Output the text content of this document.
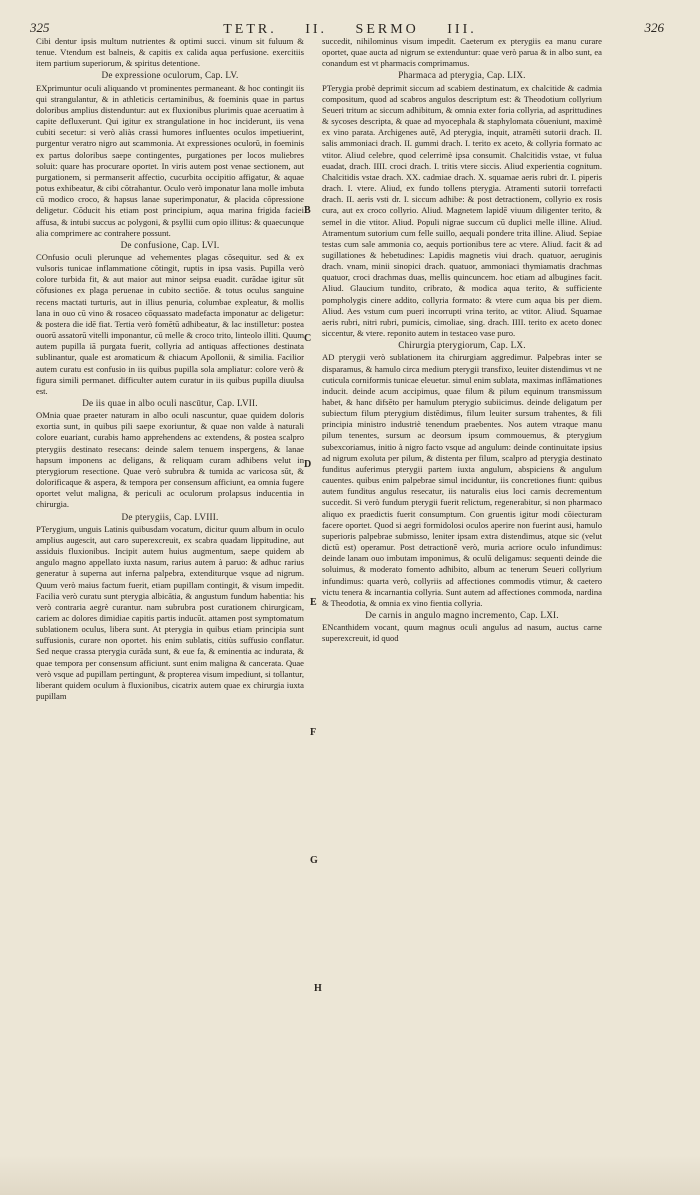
325	TETR. II. SERMO III.	326

Cibi dentur ipsis multum nutrientes & optimi succi. vinum sit fuluum & tenue. Vtendum est balneis, & capitis ex calida aqua perfusione. exercitiis item partium superiorum, & spiritus detentione.

De expressione oculorum, Cap. LV.

EXprimuntur oculi aliquando vt prominentes permaneant. & hoc contingit iis qui strangulantur, & in athleticis certaminibus, & foeminis quae in partus doloribus amplius distenduntur: aut ex fluxionibus plurimis quae aceruatim à capite defluxerunt. Qui igitur ex strangulatione in hoc inciderunt, iis vena cubiti secetur: si verò aliàs crassi humores influentes oculos impetiuerint, purgentur veratro nigro aut scammonia. At expressiones oculorū, in foeminis ex partus doloribus saepe contingentes, purgationes per locos muliebres soluit: quare has procurare oportet. In viris autem post venae sectionem, aut purgationem, si permanserit affectio, cucurbita occipitio affigatur, & aquae potus exhibeatur, & cibi cōtrahantur. Oculo verò imponatur lana molle imbuta cū modico croco, & hapsus lanae superimponatur, & placida cōpressione deligetur. Cōducit his etiam post principium, aqua marina frigida faciei affusa, & intubi succus ac polygoni, & psyllii cum opio illitus: & quaecunque alia comprimere ac contrahere possunt.

De confusione, Cap. LVI.

COnfusio oculi plerunque ad vehementes plagas cōsequitur. sed & ex vulsoris tunicae inflammatione cōtingit, ruptis in ipsa vasis. Pupilla verò colore turbida fit, & aut maior aut minor seipsa euadit. curādae igitur sūt cōfusiones ex plaga peruenae in cubito sectiōe. & totus oculus sanguine recens mactati turturis, aut in illius penuria, columbae expleatur, & mollis lana in ouo cū vino & rosaceo cōquassato madefacta imponatur ac deligetur: & postera die idē fiat. Tertia verò fomētū adhibeatur, & lac instilletur: postea ouorū assatorū vitelli imponantur, cū melle & croco trito, linteolo illiti. Quum autem pupilla iā purgata fuerit, collyria ad antiquas affectiones destinata sublinantur, quale est aromaticum & chiacum Apollonii, & similia. Facilior autem curatu est confusio in iis quibus pupilla sola ampliatur: colore verò & figura simili permanet. difficulter autem curatur in iis quibus pupilla diuulsa est.

De iis quae in albo oculi nascūtur, Cap. LVII.

OMnia quae praeter naturam in albo oculi nascuntur, quae quidem doloris exortia sunt, in quibus pili saepe exoriuntur, & quae non valde à naturali colore euariant, curabis hamo apprehendens ac extendens, & postea scalpro pterygiis destinato resecans: deinde salem tenuem inspergens, & lanae hapsum imponens ac deligans, & reliquam curam adhibens velut in pterygiorum resectione. Quae verò subrubra & tumida ac varicosa sūt, & dolorificaque & aspera, & tempora per consensum afficiunt, ea omnia fugere oportet velut maligna, & periculi ac oculorum prolapsus inducentia in chirurgia.

De pterygiis, Cap. LVIII.

PTerygium, unguis Latinis quibusdam vocatum, dicitur quum album in oculo amplius augescit, aut caro superexcreuit, ex scabra quadam lippitudine, aut assiduis fluxionibus. Incipit autem huius augmentum, saepe quidem ab angulo magno appellato iuxta nasum, rarius autem à paruo: & adhuc rarius generatur à superna aut inferna palpebra, extenditurque vsque ad nigrum. Quum verò maius factum fuerit, etiam pupillam contingit, & visum impedit. Facilia verò curatu sunt pterygia albicātia, & angustum fundum habentia: his verò contraria aegrè curantur. nam subrubra post curationem chirurgicam, cariem ac dolores dimidiae capitis partis inducūt. attamen post symptomatum sublationem oculus, libera sunt. At pterygia in quibus etiam principia sunt suffusionis, curare non oportet. his enim sublatis, citiùs suffusio conflatur. Sed neque crassa pterygia curāda sunt, & eue fa, & eminentia ac indurata, & quae tempora per consensum afficiunt. sunt enim maligna & cancerata. Quae verò vsque ad pupillam pertingunt, & propterea visum impediunt, si tollantur, liberant quidem oculum à fluxionibus, cicatrix autem quae ex chirurgia iuxta pupillam

succedit, nihilominus visum impedit. Caeterum ex pterygiis ea manu curare oportet, quae aucta ad nigrum se extenduntur: quae verò parua & in albo sunt, ea conandum est vt pharmacis comprimamus.

Pharmaca ad pterygia, Cap. LIX.

PTerygia probè deprimit siccum ad scabiem destinatum, ex chalcitide & cadmia compositum, quod ad scabros angulos descriptum est: & Theodotium collyrium Seueri tritum ac siccum adhibitum, & omnia exter foria collyria, ad asprittudines & sycoses descripta, & quae ad myocephala & staphylomata cōueniunt, maximè ex vino parata. Archigenes autē, Ad pterygia, inquit, atramēti sutorii drach. II. salis ammoniaci drach. II. gummi drach. I. terito ex aceto, & collyria formato ac vtitor. Aliud celebre, quod celerrimè ipsa consumit. Chalcitidis vstae, vt fulua euadat, drach. IIII. croci drach. I. tritis vtere siccis. Aliud experientia cognitum. Chalcitidis vstae drach. XX. cadmiae drach. X. squamae aeris rubri dr. I. piperis drach. I. vtere. Aliud, ex fundo tollens pterygia. Atramenti sutorii torrefacti drach. II. aeris vsti dr. I. siccum adhibe: & post detractionem, collyrio ex rosis cura, aut ex croco collyrio. Aliud. Magnetem lapidē viuum diligenter terito, & semel in die vtitor. Aliud. Populi nigrae succum cū duplici melle illine. Aliud. Atramentum sutorium cum felle suillo, aequali pondere trita illine. Aliud. Sepiae testas cum sale ammonia co, aequis portionibus tere ac vtere. Aliud. facit & ad sugillationes & hebetudines: Lapidis magnetis viui drach. quatuor, aeruginis drach. vnam, minii sinopici drach. quatuor, ammoniaci thymiamatis drachmas quatuor, croci drachmas duas, mellis quincuncem. hoc etiam ad albugines facit. Aliud. Glaucium tundito, cribrato, & modica aqua terito, & sufficiente pompholygis cinere addito, collyria formato: & vtere cum aqua bis per diem. Aliud. Aes vstum cum pueri incorrupti vrina terito, ac vtitor. Aliud. Squamae aeris rubri, nitri rubri, pumicis, cimoliae, sing. drach. IIII. terito ex aceto donec siccentur, & vtere. reponito autem in testaceo vase puro.

Chirurgia pterygiorum, Cap. LX.

AD pterygii verò sublationem ita chirurgiam aggredimur. Palpebras inter se disparamus, & hamulo circa medium pterygii transfixo, leuiter distendimus vt ne cuticula corniformis tunicae eleuetur. simul enim sublata, maximas inflāmationes inducit. deinde acum accipimus, quae filum & pilum equinum transmissum habet, & hanc difsēto per hamulum pterygio subiicimus. deinde deligatum per subiectum filum pterygium distēdimus, filum leuiter sursum trahentes, & fili principia ministro industriè tenendum praebentes. Nos autem vtraque manu pilum tenentes, sursum ac deorsum ipsum commouemus, & pterygium subexcoriamus, initio à nigro facto vsque ad angulum: deinde continuitate ipsius ad nigrum exoluta per pilum, & distenta per filum, scalpro ad pterygia destinato funditus auferimus pterygii partem iuxta angulum, abspiciens & angulum cauentes. quibus enim palpebrae simul inciduntur, iis concretiones fiunt: quibus autem funditus angulus resecatur, iis naturalis eius loci carnis decrementum succedit. Si verò fundum pterygii fuerit relictum, regenerabitur, si non pharmaco aliquo ex praedictis fuerit consumptum. Con gruentis igitur modi cōiecturam facere oportet. Quod si aegri formidolosi oculos aperire non fuerint ausi, hamulo superioris palpebrae submisso, leniter ipsam extra distendimus, atque sic (velut dictū est) operamur. Post detractionē verò, muria acriore oculo infundimus: deinde lanam ouo imbutam imponimus, & oculū deligamus: sequenti deinde die soluimus, & moderato fomento adhibito, album ac tenerum Seueri collyrium infundimus: quarta verò, collyriis ad affectiones commodis vtimur, & caetero victu tenera & incarnantia collyria. Sunt autem ad affectiones commoda, nardina & Theodotia, & omnia ex vino fientia collyria.

De carnis in angulo magno incremento, Cap. LXI.

ENcanthidem vocant, quum magnus oculi angulus ad nasum, auctus carne superexcreuit, id quod

B
C
D
E
F
G
H
